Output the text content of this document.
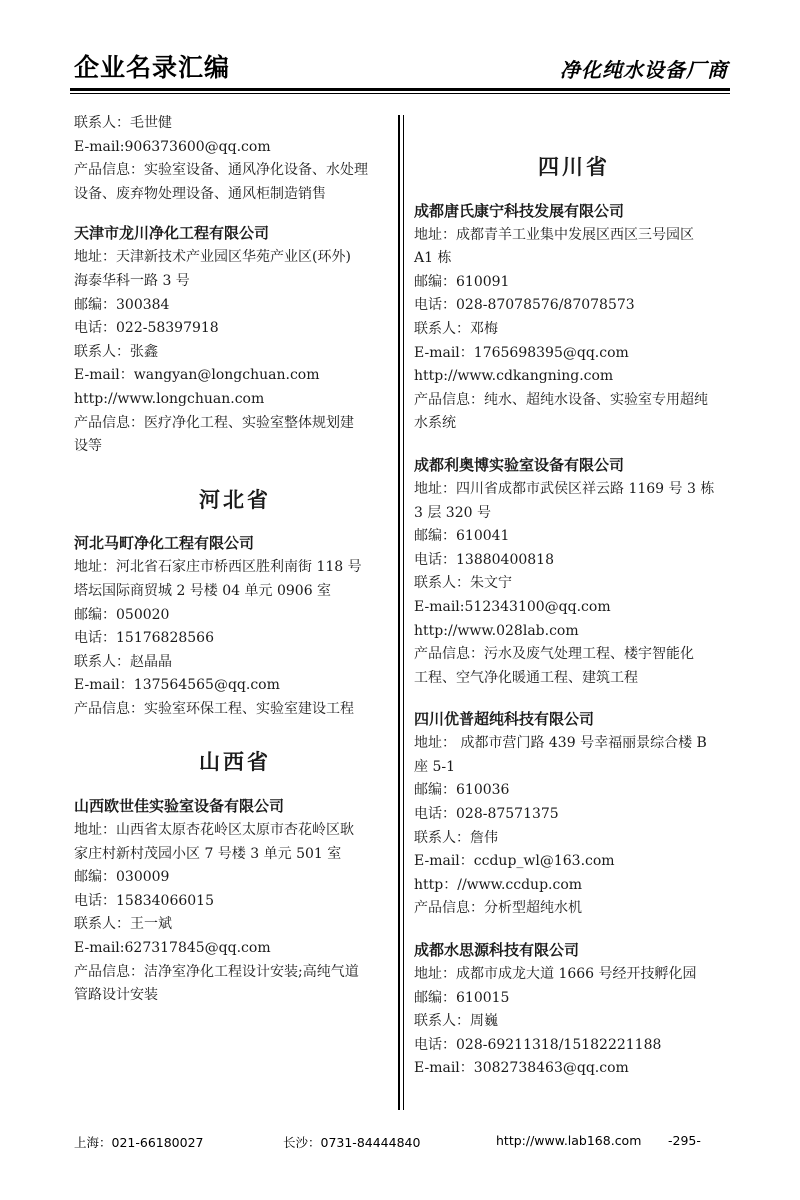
企业名录汇编	净化纯水设备厂商

联系人：毛世健

E-mail:906373600@qq.com

产品信息：实验室设备、通风净化设备、水处理

设备、废弃物处理设备、通风柜制造销售

天津市龙川净化工程有限公司

地址：天津新技术产业园区华苑产业区(环外)

海泰华科一路 3 号

邮编：300384

电话：022-58397918

联系人：张鑫

E-mail：wangyan@longchuan.com

http://www.longchuan.com

产品信息：医疗净化工程、实验室整体规划建

设等

河北省

河北马町净化工程有限公司

地址：河北省石家庄市桥西区胜利南街 118 号

塔坛国际商贸城 2 号楼 04 单元 0906 室

邮编：050020

电话：15176828566

联系人：赵晶晶

E-mail：137564565@qq.com

产品信息：实验室环保工程、实验室建设工程

山西省

山西欧世佳实验室设备有限公司

地址：山西省太原杏花岭区太原市杏花岭区耿

家庄村新村茂园小区 7 号楼 3 单元 501 室

邮编：030009

电话：15834066015

联系人：王一斌

E-mail:627317845@qq.com

产品信息：洁净室净化工程设计安装;高纯气道

管路设计安装

四川省

成都唐氏康宁科技发展有限公司

地址：成都青羊工业集中发展区西区三号园区

A1 栋

邮编：610091

电话：028-87078576/87078573

联系人：邓梅

E-mail：1765698395@qq.com

http://www.cdkangning.com

产品信息：纯水、超纯水设备、实验室专用超纯

水系统

成都利奥博实验室设备有限公司

地址：四川省成都市武侯区祥云路 1169 号 3 栋

3 层 320 号

邮编：610041

电话：13880400818

联系人：朱文宁

E-mail:512343100@qq.com

http://www.028lab.com

产品信息：污水及废气处理工程、楼宇智能化

工程、空气净化暖通工程、建筑工程

四川优普超纯科技有限公司

地址： 成都市营门路 439 号幸福丽景综合楼 B

座 5-1

邮编：610036

电话：028-87571375

联系人：詹伟

E-mail：ccdup_wl@163.com

http：//www.ccdup.com

产品信息：分析型超纯水机

成都水思源科技有限公司

地址：成都市成龙大道 1666 号经开技孵化园

邮编：610015

联系人：周巍

电话：028-69211318/15182221188

E-mail：3082738463@qq.com

上海：021-66180027	长沙：0731-84444840	http://www.lab168.com -295-
